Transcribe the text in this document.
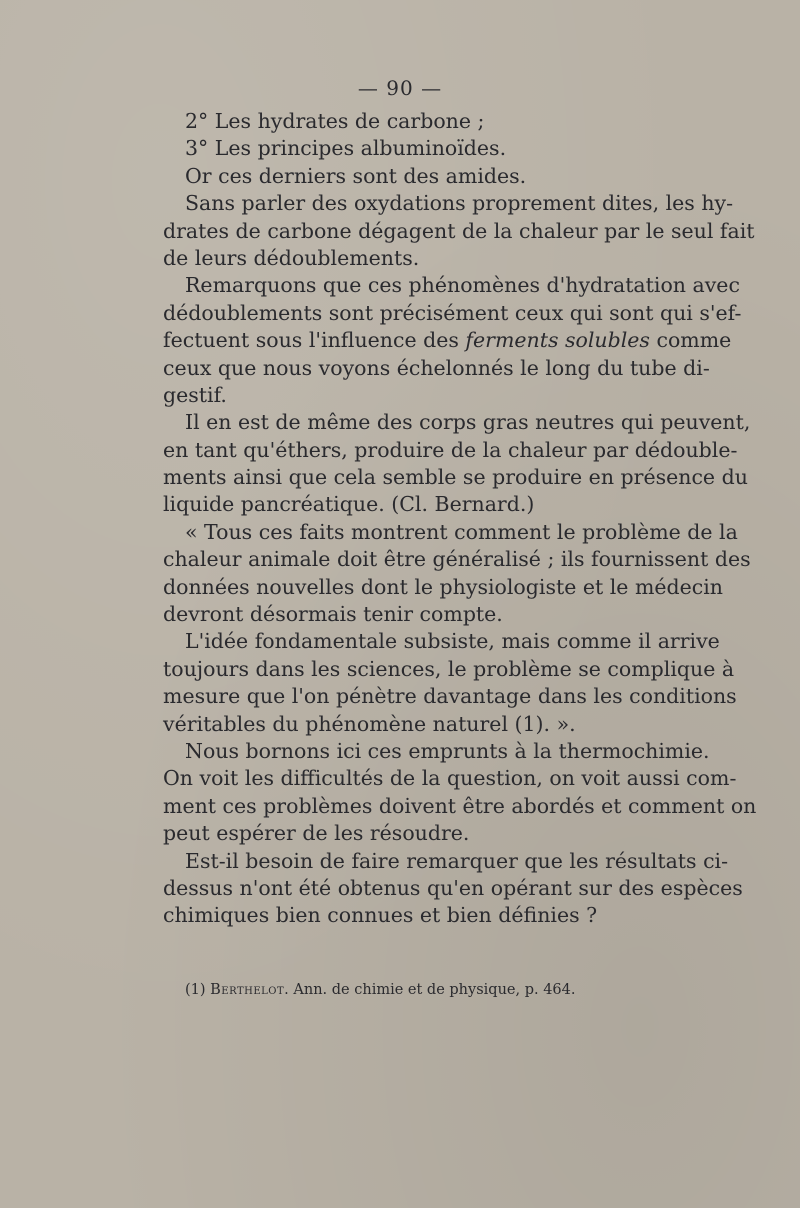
— 90 —
2° Les hydrates de carbone ;
3° Les principes albuminoïdes.
Or ces derniers sont des amides.
Sans parler des oxydations proprement dites, les hy-
drates de carbone dégagent de la chaleur par le seul fait
de leurs dédoublements.
Remarquons que ces phénomènes d'hydratation avec
dédoublements sont précisément ceux qui sont qui s'ef-
fectuent sous l'influence des ferments solubles comme
ceux que nous voyons échelonnés le long du tube di-
gestif.
Il en est de même des corps gras neutres qui peuvent,
en tant qu'éthers, produire de la chaleur par dédouble-
ments ainsi que cela semble se produire en présence du
liquide pancréatique. (Cl. Bernard.)
« Tous ces faits montrent comment le problème de la
chaleur animale doit être généralisé ; ils fournissent des
données nouvelles dont le physiologiste et le médecin
devront désormais tenir compte.
L'idée fondamentale subsiste, mais comme il arrive
toujours dans les sciences, le problème se complique à
mesure que l'on pénètre davantage dans les conditions
véritables du phénomène naturel (1). ».
Nous bornons ici ces emprunts à la thermochimie.
On voit les difficultés de la question, on voit aussi com-
ment ces problèmes doivent être abordés et comment on
peut espérer de les résoudre.
Est-il besoin de faire remarquer que les résultats ci-
dessus n'ont été obtenus qu'en opérant sur des espèces
chimiques bien connues et bien définies ?
(1) Berthelot. Ann. de chimie et de physique, p. 464.
